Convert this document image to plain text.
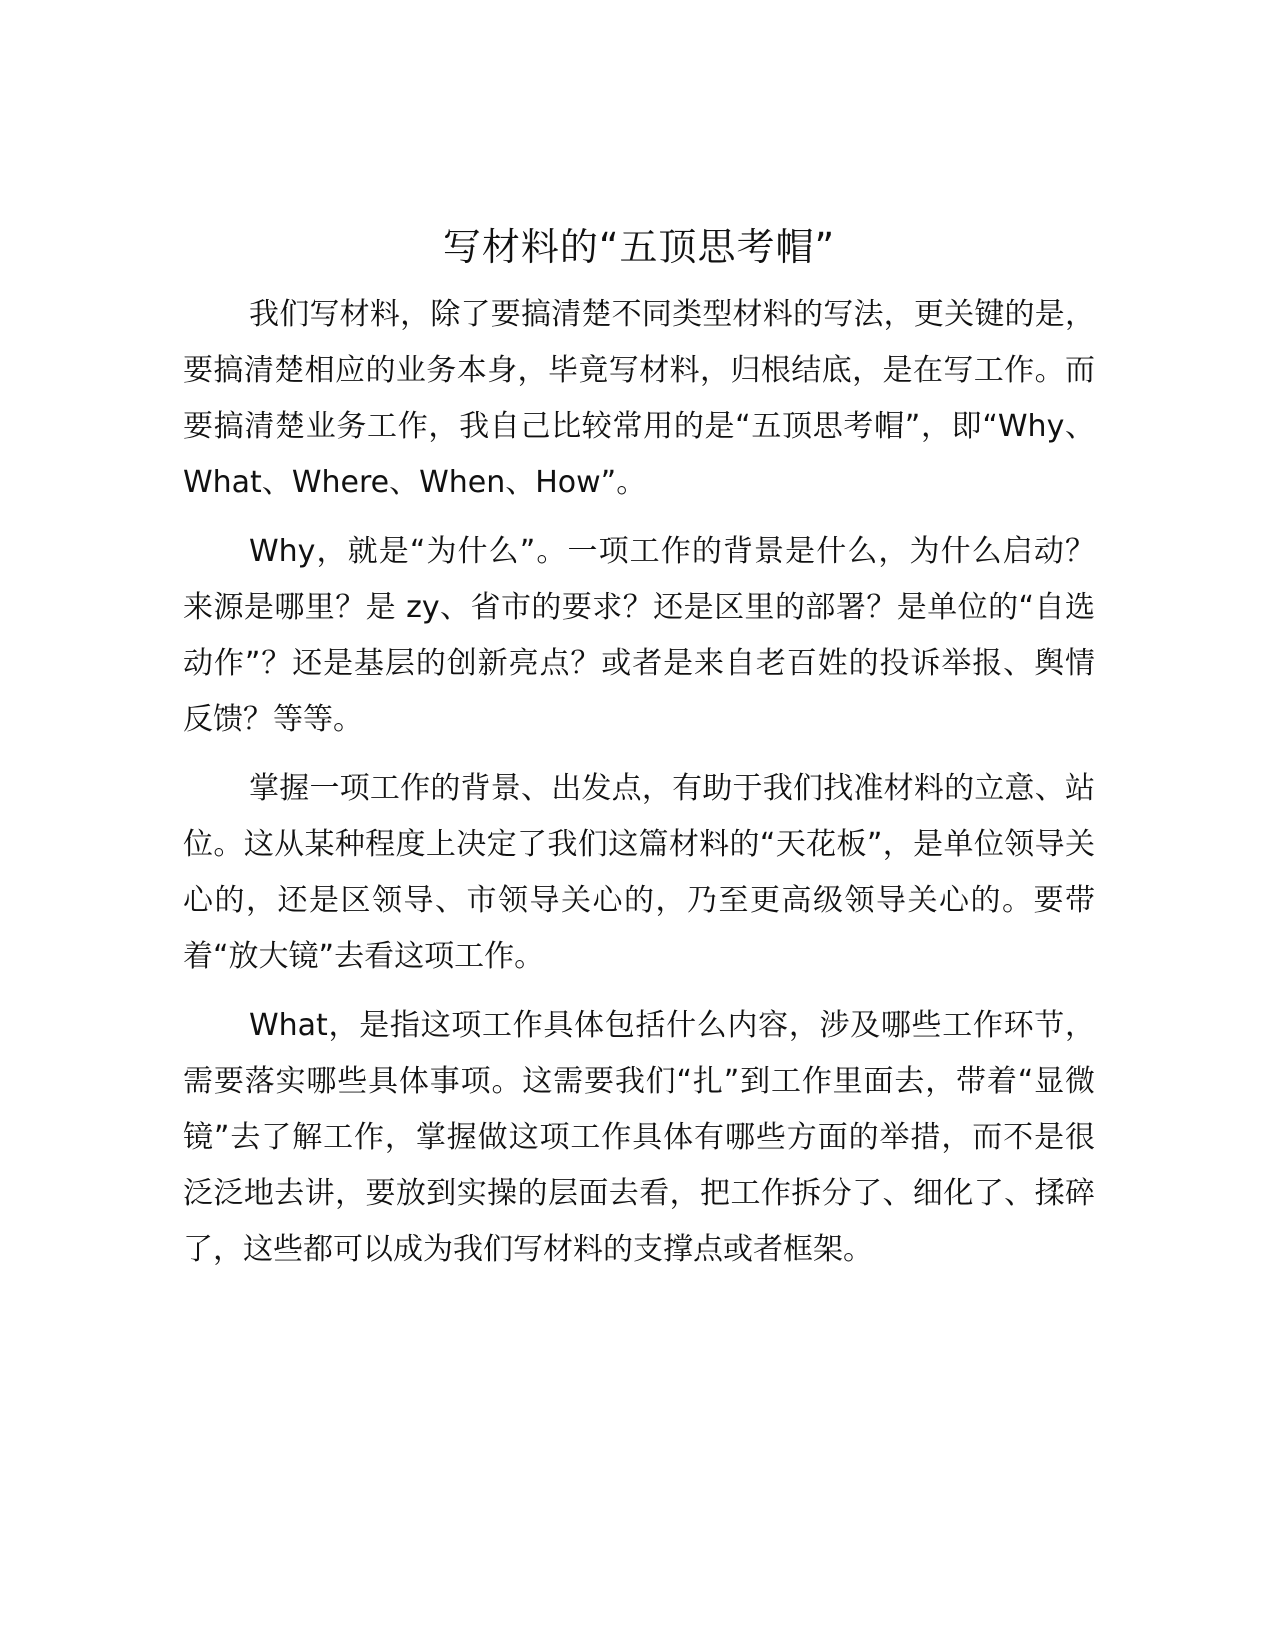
写材料的“五顶思考帽”

我们写材料，除了要搞清楚不同类型材料的写法，更关键的是，要搞清楚相应的业务本身，毕竟写材料，归根结底，是在写工作。而要搞清楚业务工作，我自己比较常用的是“五顶思考帽”，即“Why、What、Where、When、How”。

Why，就是“为什么”。一项工作的背景是什么，为什么启动？来源是哪里？是 zy、省市的要求？还是区里的部署？是单位的“自选动作”？还是基层的创新亮点？或者是来自老百姓的投诉举报、舆情反馈？等等。

掌握一项工作的背景、出发点，有助于我们找准材料的立意、站位。这从某种程度上决定了我们这篇材料的“天花板”，是单位领导关心的，还是区领导、市领导关心的，乃至更高级领导关心的。要带着“放大镜”去看这项工作。

What，是指这项工作具体包括什么内容，涉及哪些工作环节，需要落实哪些具体事项。这需要我们“扎”到工作里面去，带着“显微镜”去了解工作，掌握做这项工作具体有哪些方面的举措，而不是很泛泛地去讲，要放到实操的层面去看，把工作拆分了、细化了、揉碎了，这些都可以成为我们写材料的支撑点或者框架。
